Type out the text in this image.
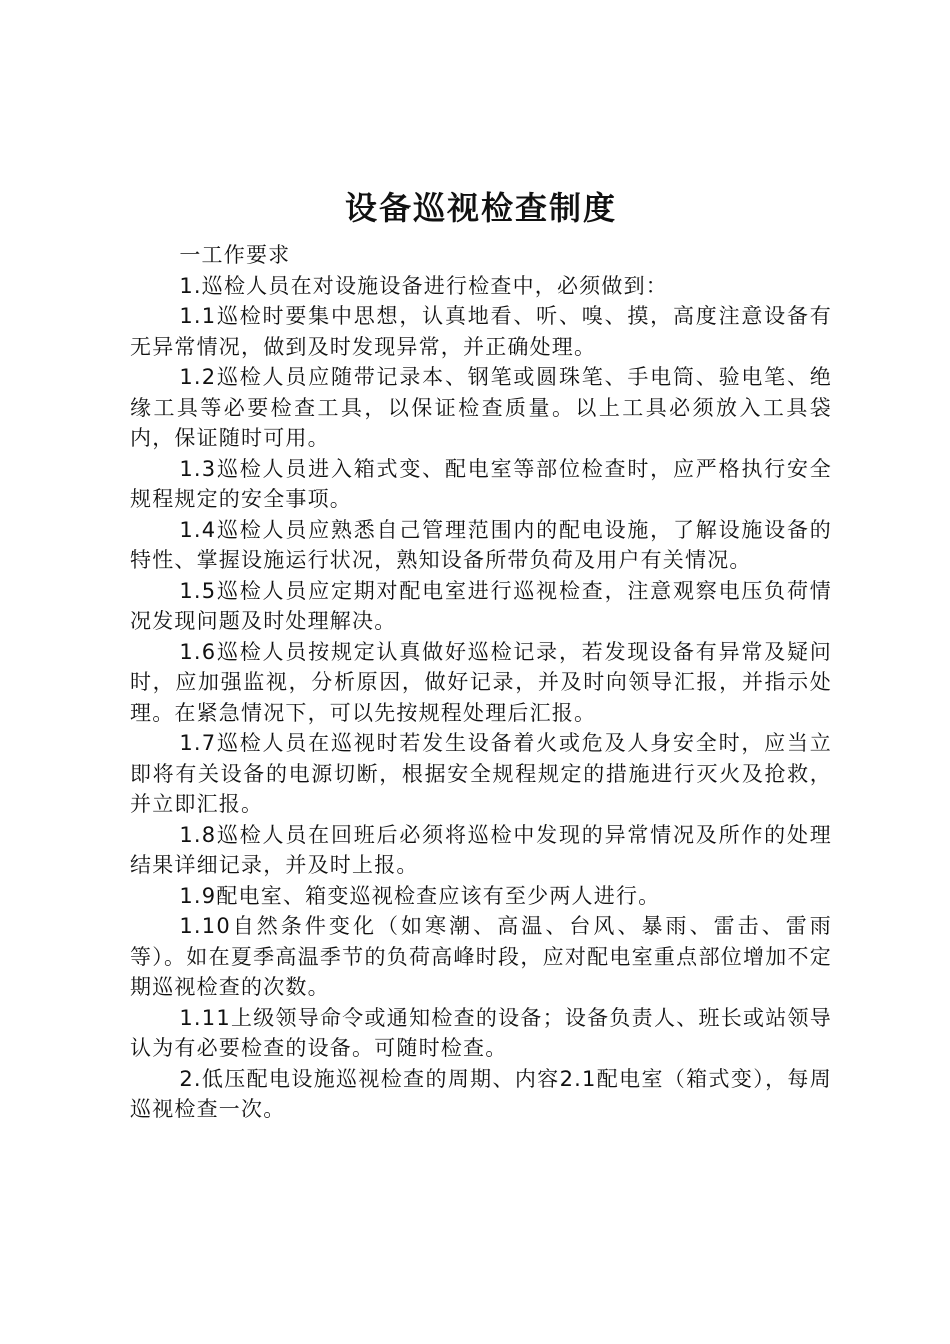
设备巡视检查制度

一工作要求

1.巡检人员在对设施设备进行检查中，必须做到：

1.1巡检时要集中思想，认真地看、听、嗅、摸，高度注意设备有无异常情况，做到及时发现异常，并正确处理。

1.2巡检人员应随带记录本、钢笔或圆珠笔、手电筒、验电笔、绝缘工具等必要检查工具，以保证检查质量。以上工具必须放入工具袋内，保证随时可用。

1.3巡检人员进入箱式变、配电室等部位检查时，应严格执行安全规程规定的安全事项。

1.4巡检人员应熟悉自己管理范围内的配电设施，了解设施设备的特性、掌握设施运行状况，熟知设备所带负荷及用户有关情况。

1.5巡检人员应定期对配电室进行巡视检查，注意观察电压负荷情况发现问题及时处理解决。

1.6巡检人员按规定认真做好巡检记录，若发现设备有异常及疑问时，应加强监视，分析原因，做好记录，并及时向领导汇报，并指示处理。在紧急情况下，可以先按规程处理后汇报。

1.7巡检人员在巡视时若发生设备着火或危及人身安全时，应当立即将有关设备的电源切断，根据安全规程规定的措施进行灭火及抢救，并立即汇报。

1.8巡检人员在回班后必须将巡检中发现的异常情况及所作的处理结果详细记录，并及时上报。

1.9配电室、箱变巡视检查应该有至少两人进行。

1.10自然条件变化（如寒潮、高温、台风、暴雨、雷击、雷雨等）。如在夏季高温季节的负荷高峰时段，应对配电室重点部位增加不定期巡视检查的次数。

1.11上级领导命令或通知检查的设备；设备负责人、班长或站领导认为有必要检查的设备。可随时检查。

2.低压配电设施巡视检查的周期、内容2.1配电室（箱式变），每周巡视检查一次。
